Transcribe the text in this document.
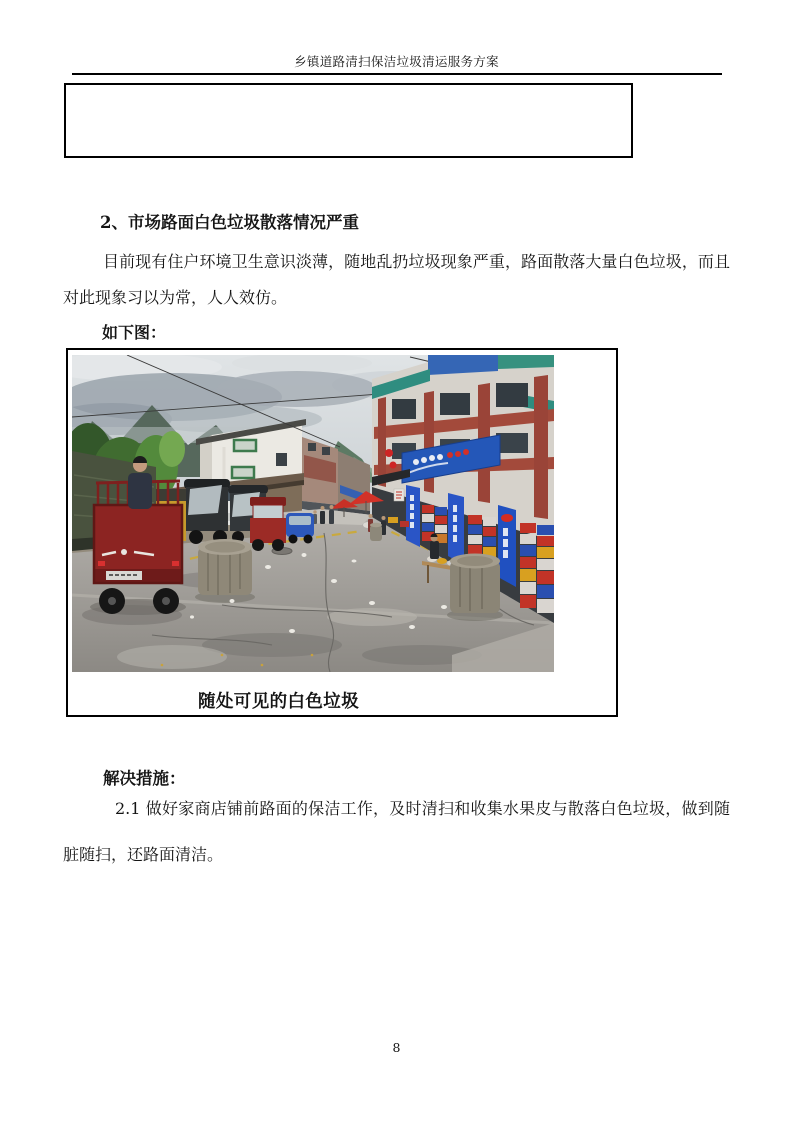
乡镇道路清扫保洁垃圾清运服务方案
2、市场路面白色垃圾散落情况严重
目前现有住户环境卫生意识淡薄，随地乱扔垃圾现象严重，路面散落大量白色垃圾，而且
对此现象习以为常，人人效仿。
如下图：
随处可见的白色垃圾
解决措施：
2.1 做好家商店铺前路面的保洁工作，及时清扫和收集水果皮与散落白色垃圾，做到随
脏随扫，还路面清洁。
8
